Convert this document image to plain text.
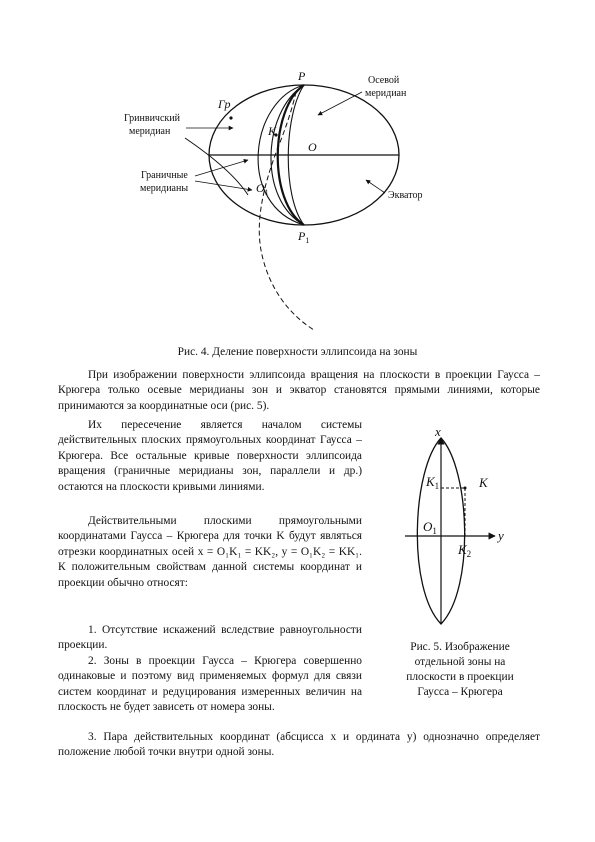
P
$P_1$
O
$O_1$
K
Гр
Осевой
меридиан
Гринвичский
меридиан
Граничные
меридианы
Экватор
Рис. 4. Деление поверхности эллипсоида на зоны

При изображении поверхности эллипсоида вращения на плоскости в проекции Гаусса – Крюгера только осевые меридианы зон и экватор становятся прямыми линиями, которые принимаются за координатные оси (рис. 5).

Их пересечение является началом системы действительных плоских прямоугольных координат Гаусса – Крюгера. Все остальные кривые поверхности эллипсоида вращения (граничные меридианы зон, параллели и др.) остаются на плоскости кривыми линиями.

Действительными плоскими прямоугольными координатами Гаусса – Крюгера для точки K будут являться отрезки координатных осей x = O₁K₁ = KK₂, y = O₁K₂ = KK₁. К положительным свойствам данной системы координат и проекции обычно относят:

1. Отсутствие искажений вследствие равноугольности проекции.

2. Зоны в проекции Гаусса – Крюгера совершенно одинаковые и поэтому вид применяемых формул для связи систем координат и редуцирования измеренных величин на плоскость не будет зависеть от номера зоны.

3. Пара действительных координат (абсцисса x и ордината y) однозначно определяет положение любой точки внутри одной зоны.

x
y
K
$K_1$
$K_2$
$O_1$
Рис. 5. Изображение
отдельной зоны на
плоскости в проекции
Гаусса – Крюгера
